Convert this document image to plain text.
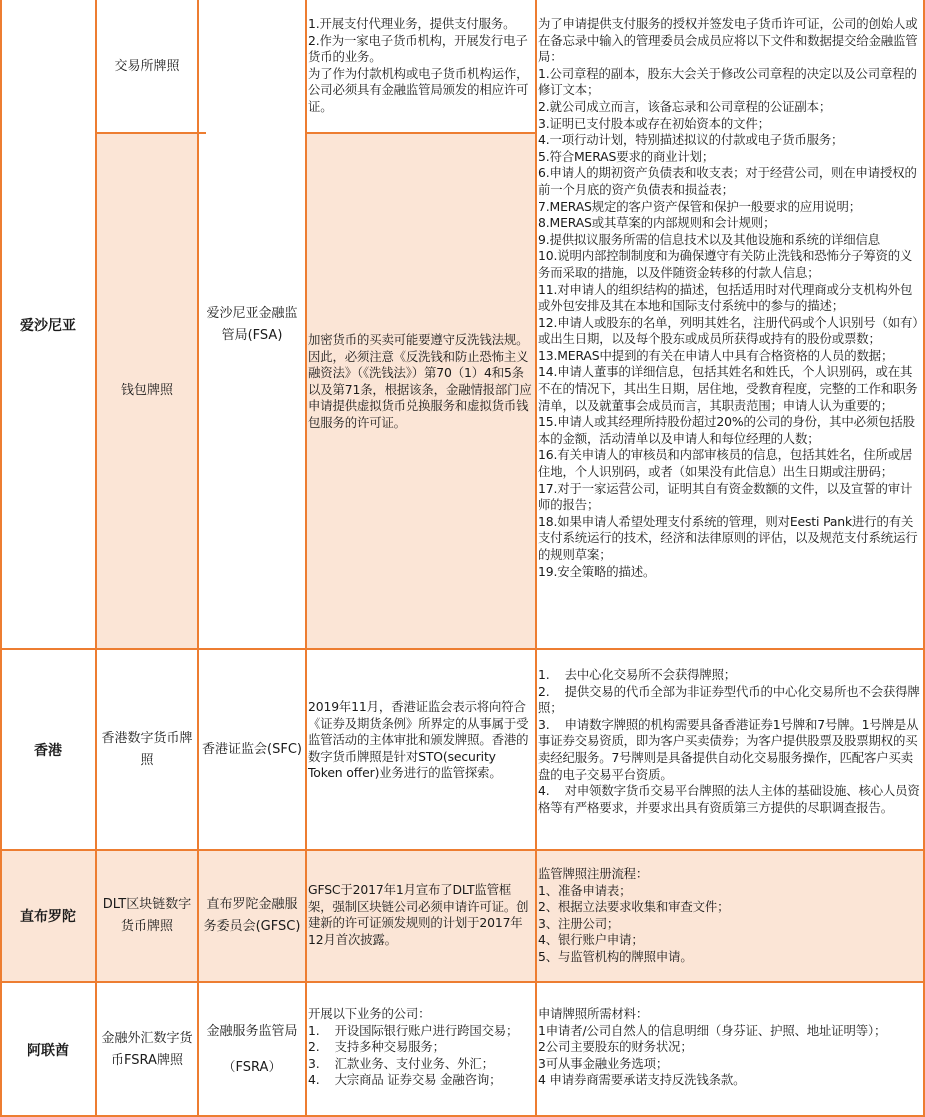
爱沙尼亚
交易所牌照
钱包牌照
爱沙尼亚金融监管局(FSA)

1.开展支付代理业务，提供支付服务。

2.作为一家电子货币机构，开展发行电子货币的业务。

为了作为付款机构或电子货币机构运作，公司必须具有金融监管局颁发的相应许可证。

加密货币的买卖可能要遵守反洗钱法规。因此，必须注意《反洗钱和防止恐怖主义融资法》（《洗钱法》）第70（1）4和5条以及第71条，根据该条，金融情报部门应申请提供虚拟货币兑换服务和虚拟货币钱包服务的许可证。

为了申请提供支付服务的授权并签发电子货币许可证，公司的创始人或在备忘录中输入的管理委员会成员应将以下文件和数据提交给金融监管局：

1.公司章程的副本，股东大会关于修改公司章程的决定以及公司章程的修订文本；

2.就公司成立而言，该备忘录和公司章程的公证副本；

3.证明已支付股本或存在初始资本的文件；

4.一项行动计划，特别描述拟议的付款或电子货币服务；

5.符合MERAS要求的商业计划；

6.申请人的期初资产负债表和收支表；对于经营公司，则在申请授权的前一个月底的资产负债表和损益表；

7.MERAS规定的客户资产保管和保护一般要求的应用说明；

8.MERAS或其草案的内部规则和会计规则；

9.提供拟议服务所需的信息技术以及其他设施和系统的详细信息

10.说明内部控制制度和为确保遵守有关防止洗钱和恐怖分子筹资的义务而采取的措施，以及伴随资金转移的付款人信息；

11.对申请人的组织结构的描述，包括适用时对代理商或分支机构外包或外包安排及其在本地和国际支付系统中的参与的描述；

12.申请人或股东的名单，列明其姓名，注册代码或个人识别号（如有）或出生日期，以及每个股东或成员所获得或持有的股份或票数；

13.MERAS中提到的有关在申请人中具有合格资格的人员的数据；

14.申请人董事的详细信息，包括其姓名和姓氏，个人识别码，或在其不在的情况下，其出生日期，居住地，受教育程度，完整的工作和职务清单，以及就董事会成员而言，其职责范围；申请人认为重要的；

15.申请人或其经理所持股份超过20%的公司的身份，其中必须包括股本的金额，活动清单以及申请人和每位经理的人数；

16.有关申请人的审核员和内部审核员的信息，包括其姓名，住所或居住地，个人识别码，或者（如果没有此信息）出生日期或注册码；

17.对于一家运营公司，证明其自有资金数额的文件，以及宣誓的审计师的报告；

18.如果申请人希望处理支付系统的管理，则对Eesti Pank进行的有关支付系统运行的技术，经济和法律原则的评估，以及规范支付系统运行的规则草案；

19.安全策略的描述。

香港
香港数字货币牌照
香港证监会(SFC)

2019年11月，香港证监会表示将向符合《证券及期货条例》所界定的从事属于受监管活动的主体审批和颁发牌照。香港的数字货币牌照是针对STO(security Token offer)业务进行的监管探索。

1.    去中心化交易所不会获得牌照；

2.    提供交易的代币全部为非证券型代币的中心化交易所也不会获得牌照；

3.    申请数字牌照的机构需要具备香港证券1号牌和7号牌。1号牌是从事证券交易资质，即为客户买卖债券；为客户提供股票及股票期权的买卖经纪服务。7号牌则是具备提供自动化交易服务操作，匹配客户买卖盘的电子交易平台资质。

4.    对申领数字货币交易平台牌照的法人主体的基础设施、核心人员资格等有严格要求，并要求出具有资质第三方提供的尽职调查报告。

直布罗陀
DLT区块链数字货币牌照
直布罗陀金融服务委员会(GFSC)

GFSC于2017年1月宣布了DLT监管框架，强制区块链公司必须申请许可证。创建新的许可证颁发规则的计划于2017年12月首次披露。

监管牌照注册流程：

1、准备申请表；

2、根据立法要求收集和审查文件；

3、注册公司；

4、银行账户申请；

5、与监管机构的牌照申请。

阿联酋
金融外汇数字货币FSRA牌照
金融服务监管局
（FSRA）

开展以下业务的公司：

1.    开设国际银行账户进行跨国交易；

2.    支持多种交易服务；

3.    汇款业务、支付业务、外汇；

4.    大宗商品 证券交易 金融咨询；

申请牌照所需材料：

1申请者/公司自然人的信息明细（身芬证、护照、地址证明等）；

2公司主要股东的财务状况；

3可从事金融业务选项；

4 申请券商需要承诺支持反洗钱条款。
